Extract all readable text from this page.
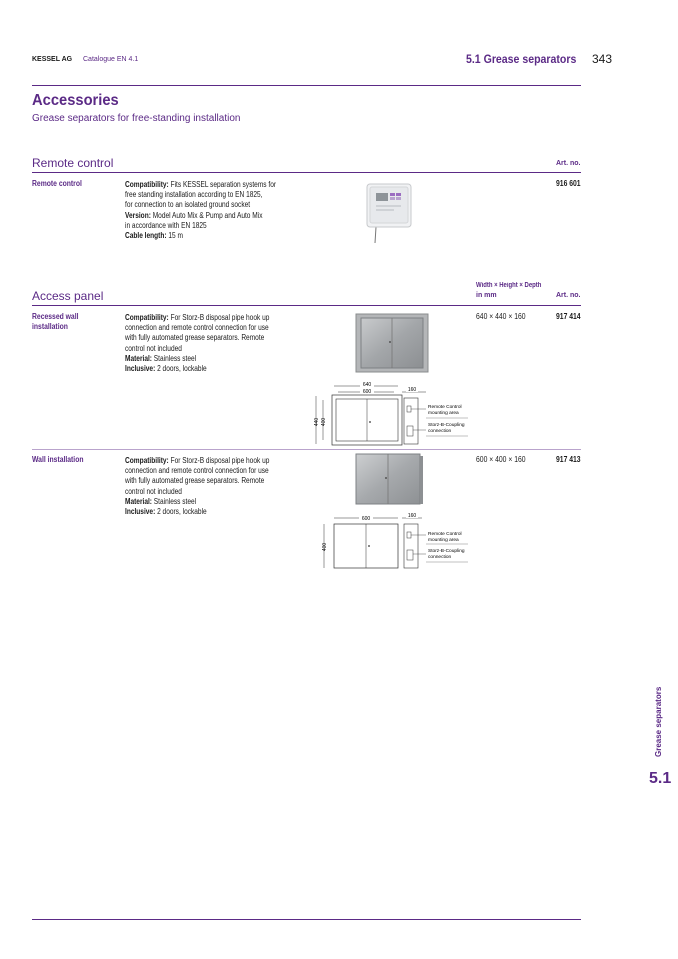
KESSEL AG Catalogue EN 4.1	5.1 Grease separators 343
Accessories
Grease separators for free-standing installation
Remote control	Art. no.
Remote control	Compatibility: Fits KESSEL separation systems for
free standing installation according to EN 1825,
for connection to an isolated ground socket
Version: Model Auto Mix & Pump and Auto Mix
in accordance with EN 1825
Cable length: 15 m
916 601
Width × Height × Depth
in mm	Art. no.
Access panel
Recessed wall
installation
Compatibility: For Storz-B disposal pipe hook up
connection and remote control connection for use
with fully automated grease separators. Remote
control not included
Material: Stainless steel
Inclusive: 2 doors, lockable
640 × 440 × 160	917 414
640
600	160
440 400
Remote Control
mounting area
Storz-B-Coupling
connection
Wall installation	Compatibility: For Storz-B disposal pipe hook up
connection and remote control connection for use
with fully automated grease separators. Remote
control not included
Material: Stainless steel
Inclusive: 2 doors, lockable
600 × 400 × 160	917 413
600	160
400
Remote Control
mounting area
Storz-B-Coupling
connection
Grease separators
5.1
